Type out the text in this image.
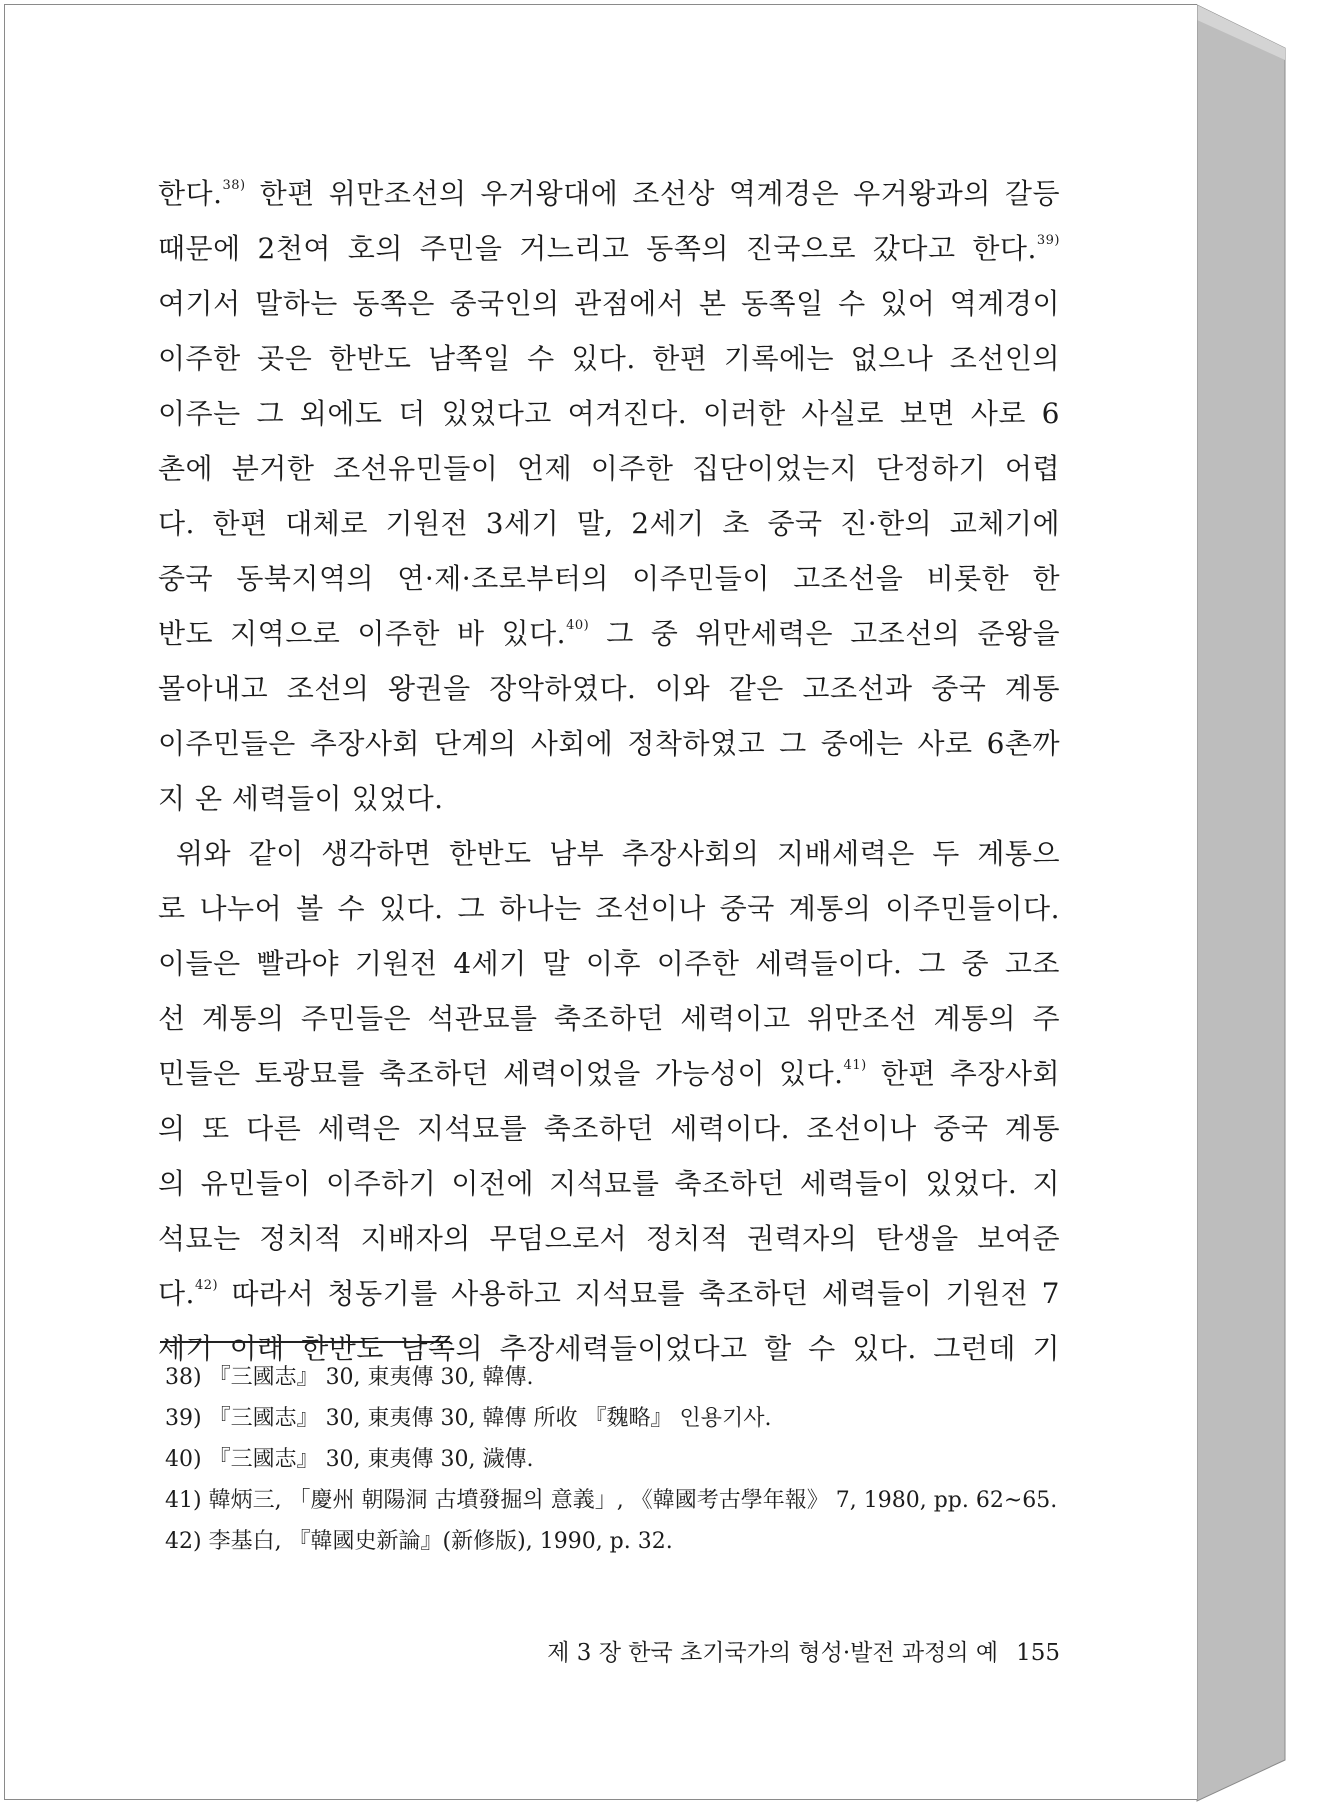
한다.$^{38)}$ 한편 위만조선의 우거왕대에 조선상 역계경은 우거왕과의 갈등
때문에 2천여 호의 주민을 거느리고 동쪽의 진국으로 갔다고 한다.$^{39)}$
여기서 말하는 동쪽은 중국인의 관점에서 본 동쪽일 수 있어 역계경이
이주한 곳은 한반도 남쪽일 수 있다. 한편 기록에는 없으나 조선인의
이주는 그 외에도 더 있었다고 여겨진다. 이러한 사실로 보면 사로 6
촌에 분거한 조선유민들이 언제 이주한 집단이었는지 단정하기 어렵
다. 한편 대체로 기원전 3세기 말, 2세기 초 중국 진·한의 교체기에
중국 동북지역의 연·제·조로부터의 이주민들이 고조선을 비롯한 한
반도 지역으로 이주한 바 있다.$^{40)}$ 그 중 위만세력은 고조선의 준왕을
몰아내고 조선의 왕권을 장악하였다. 이와 같은 고조선과 중국 계통
이주민들은 추장사회 단계의 사회에 정착하였고 그 중에는 사로 6촌까
지 온 세력들이 있었다.
위와 같이 생각하면 한반도 남부 추장사회의 지배세력은 두 계통으
로 나누어 볼 수 있다. 그 하나는 조선이나 중국 계통의 이주민들이다.
이들은 빨라야 기원전 4세기 말 이후 이주한 세력들이다. 그 중 고조
선 계통의 주민들은 석관묘를 축조하던 세력이고 위만조선 계통의 주
민들은 토광묘를 축조하던 세력이었을 가능성이 있다.$^{41)}$ 한편 추장사회
의 또 다른 세력은 지석묘를 축조하던 세력이다. 조선이나 중국 계통
의 유민들이 이주하기 이전에 지석묘를 축조하던 세력들이 있었다. 지
석묘는 정치적 지배자의 무덤으로서 정치적 권력자의 탄생을 보여준
다.$^{42)}$ 따라서 청동기를 사용하고 지석묘를 축조하던 세력들이 기원전 7
세기 이래 한반도 남쪽의 추장세력들이었다고 할 수 있다. 그런데 기
38) 『三國志』 30, 東夷傳 30, 韓傳.
39) 『三國志』 30, 東夷傳 30, 韓傳 所收 『魏略』 인용기사.
40) 『三國志』 30, 東夷傳 30, 濊傳.
41) 韓炳三, 「慶州 朝陽洞 古墳發掘의 意義」, 《韓國考古學年報》 7, 1980, pp. 62~65.
42) 李基白, 『韓國史新論』(新修版), 1990, p. 32.
제 3 장 한국 초기국가의 형성·발전 과정의 예 155
